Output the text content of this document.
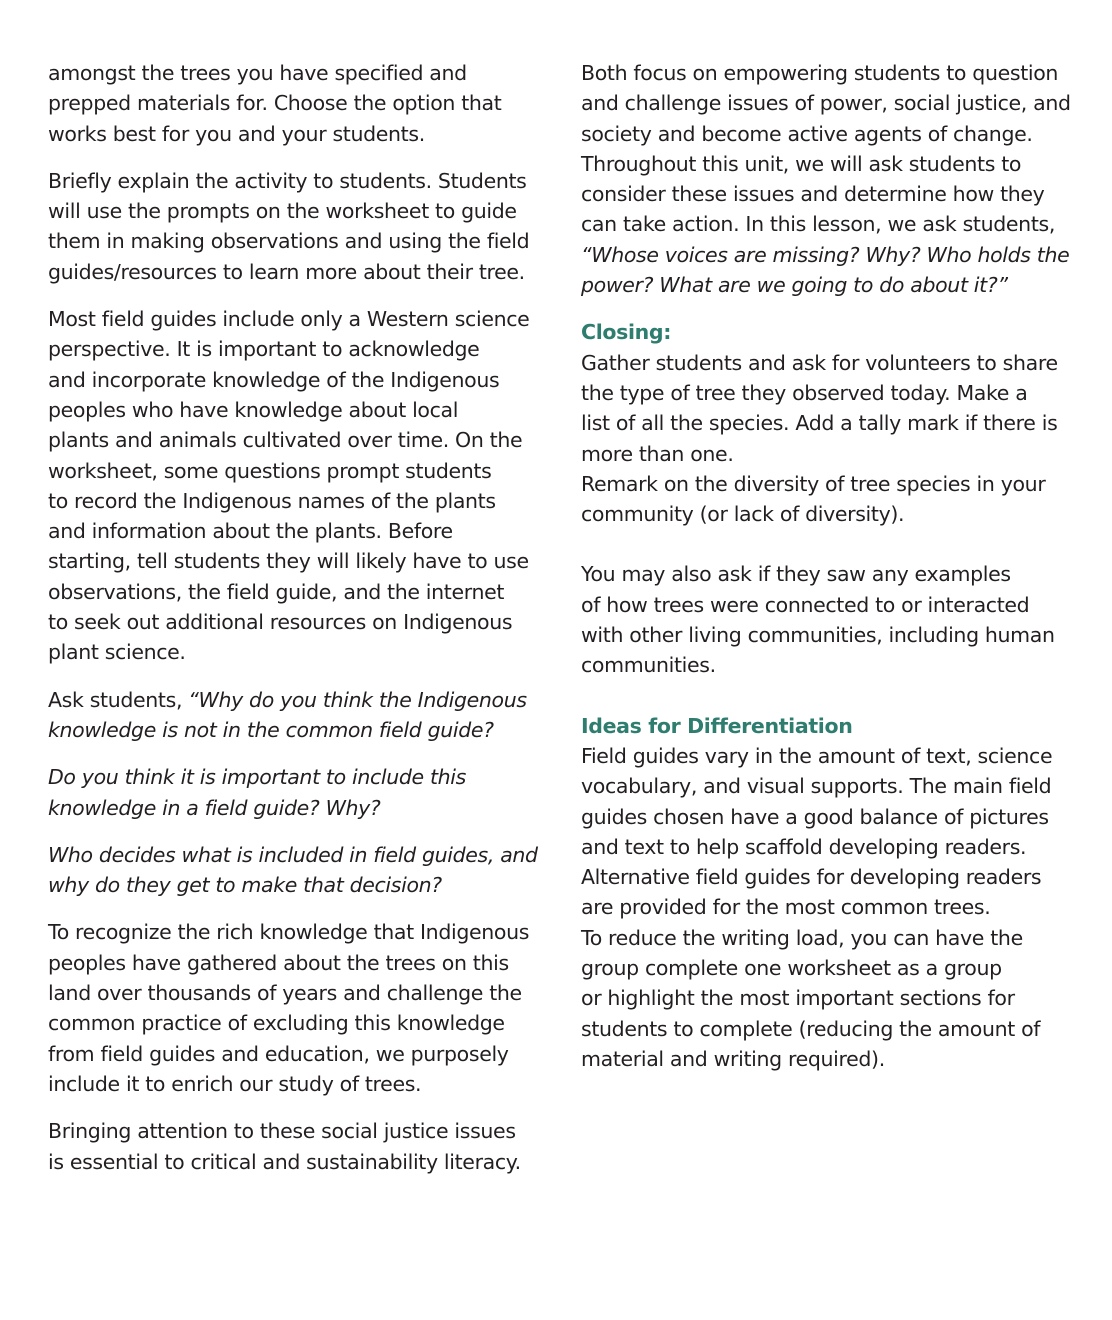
amongst the trees you have specified and
prepped materials for. Choose the option that
works best for you and your students.

Briefly explain the activity to students. Students
will use the prompts on the worksheet to guide
them in making observations and using the field
guides/resources to learn more about their tree.

Most field guides include only a Western science
perspective. It is important to acknowledge
and incorporate knowledge of the Indigenous
peoples who have knowledge about local
plants and animals cultivated over time. On the
worksheet, some questions prompt students
to record the Indigenous names of the plants
and information about the plants. Before
starting, tell students they will likely have to use
observations, the field guide, and the internet
to seek out additional resources on Indigenous
plant science.

Ask students, “Why do you think the Indigenous
knowledge is not in the common field guide?

Do you think it is important to include this
knowledge in a field guide? Why?

Who decides what is included in field guides, and
why do they get to make that decision?

To recognize the rich knowledge that Indigenous
peoples have gathered about the trees on this
land over thousands of years and challenge the
common practice of excluding this knowledge
from field guides and education, we purposely
include it to enrich our study of trees.

Bringing attention to these social justice issues
is essential to critical and sustainability literacy.

Both focus on empowering students to question
and challenge issues of power, social justice, and
society and become active agents of change.
Throughout this unit, we will ask students to
consider these issues and determine how they
can take action. In this lesson, we ask students,
“Whose voices are missing? Why? Who holds the
power? What are we going to do about it?”

Closing:
Gather students and ask for volunteers to share
the type of tree they observed today. Make a
list of all the species. Add a tally mark if there is
more than one.
Remark on the diversity of tree species in your
community (or lack of diversity).
You may also ask if they saw any examples
of how trees were connected to or interacted
with other living communities, including human
communities.
Ideas for Differentiation
Field guides vary in the amount of text, science
vocabulary, and visual supports. The main field
guides chosen have a good balance of pictures
and text to help scaffold developing readers.
Alternative field guides for developing readers
are provided for the most common trees.
To reduce the writing load, you can have the
group complete one worksheet as a group
or highlight the most important sections for
students to complete (reducing the amount of
material and writing required).
